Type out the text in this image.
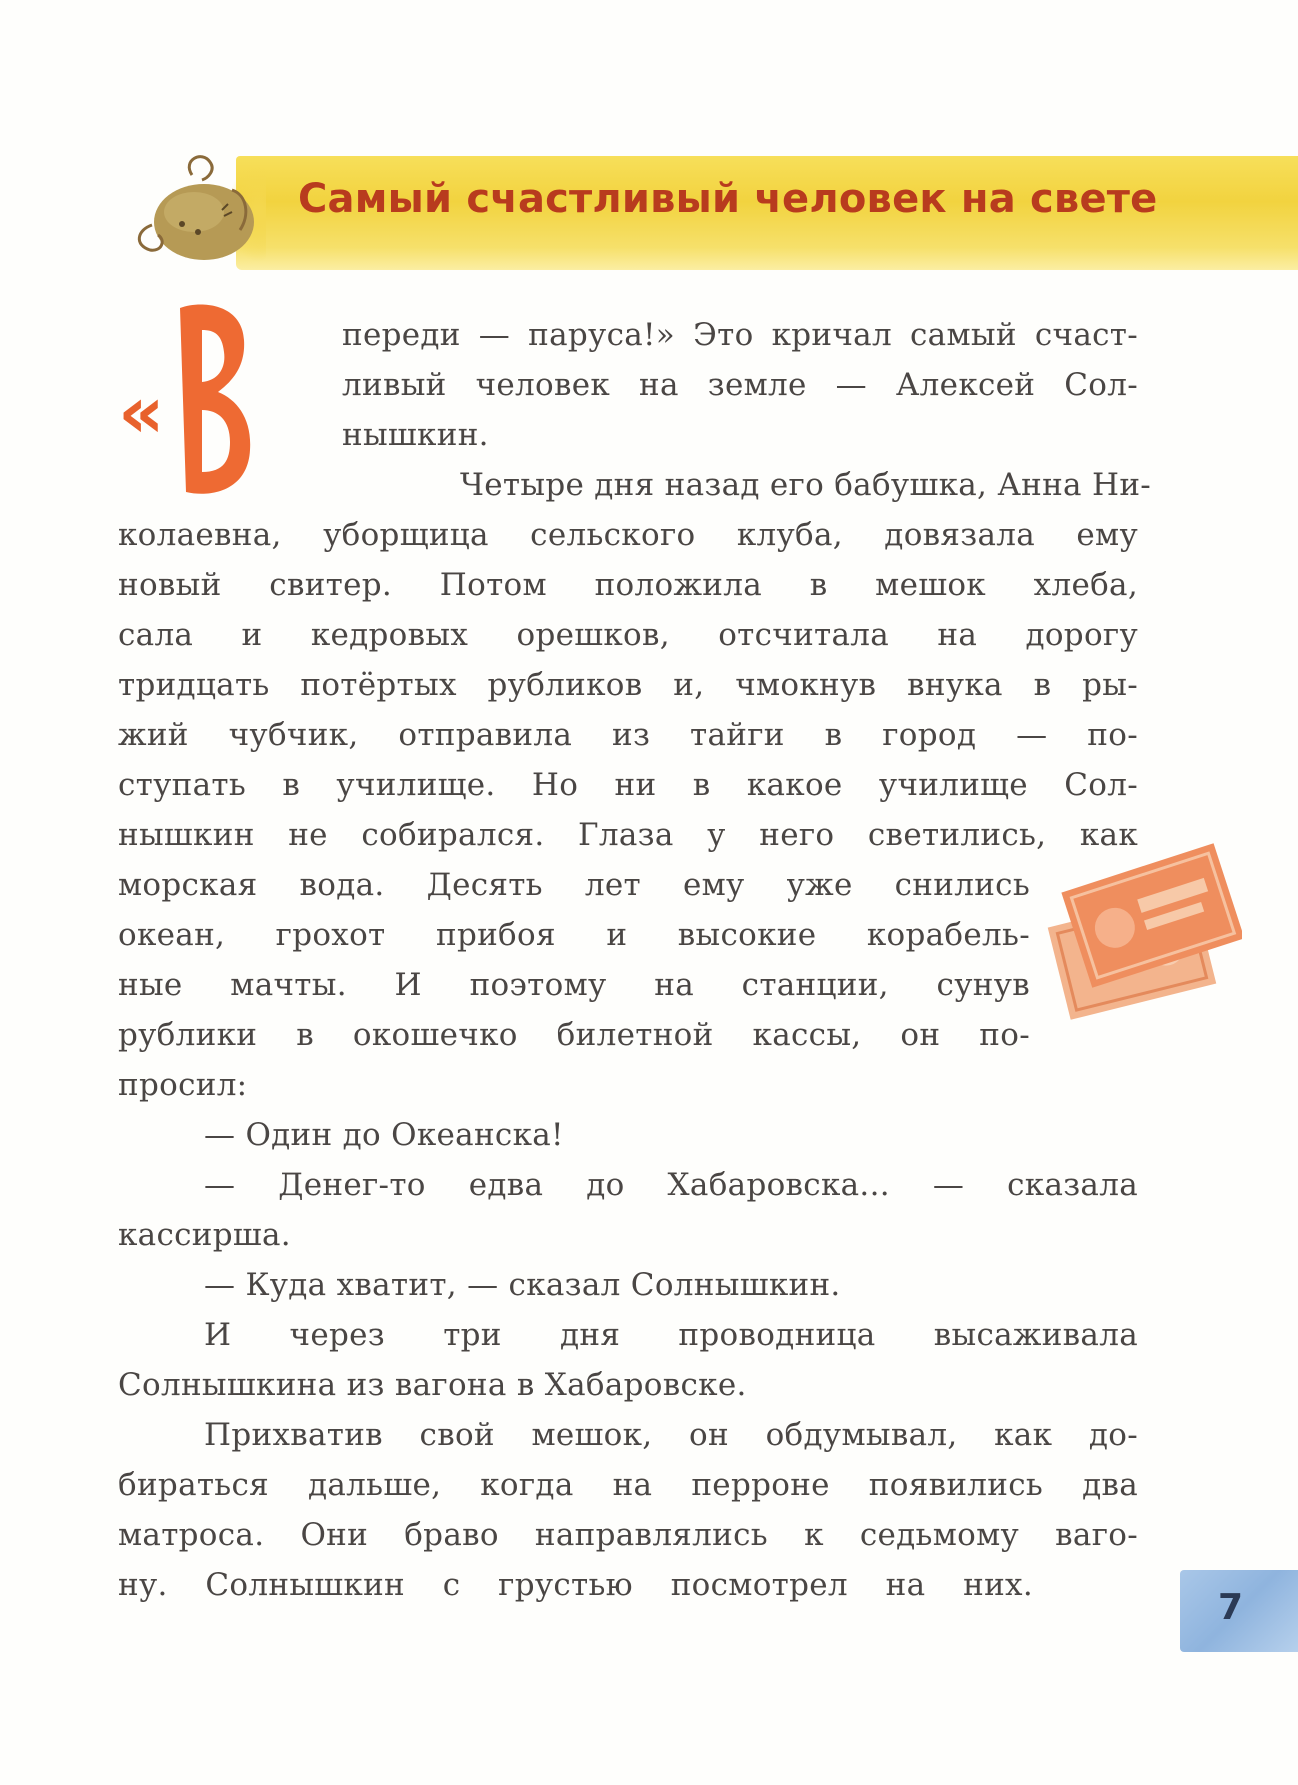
Самый счастливый человек на свете
«
переди — паруса!» Это кричал самый счаст-
ливый человек на земле — Алексей Сол-
нышкин.
Четыре дня назад его бабушка, Анна Ни-
колаевна, уборщица сельского клуба, довязала ему
новый свитер. Потом положила в мешок хлеба,
сала и кедровых орешков, отсчитала на дорогу
тридцать потёртых рубликов и, чмокнув внука в ры-
жий чубчик, отправила из тайги в город — по-
ступать в училище. Но ни в какое училище Сол-
нышкин не собирался. Глаза у него светились, как
морская вода. Десять лет ему уже снились
океан, грохот прибоя и высокие корабель-
ные мачты. И поэтому на станции, сунув
рублики в окошечко билетной кассы, он по-
просил:
— Один до Океанска!
— Денег-то едва до Хабаровска... — сказала
кассирша.
— Куда хватит, — сказал Солнышкин.
И через три дня проводница высаживала
Солнышкина из вагона в Хабаровске.
Прихватив свой мешок, он обдумывал, как до-
бираться дальше, когда на перроне появились два
матроса. Они браво направлялись к седьмому ваго-
ну. Солнышкин с грустью посмотрел на них.
7
